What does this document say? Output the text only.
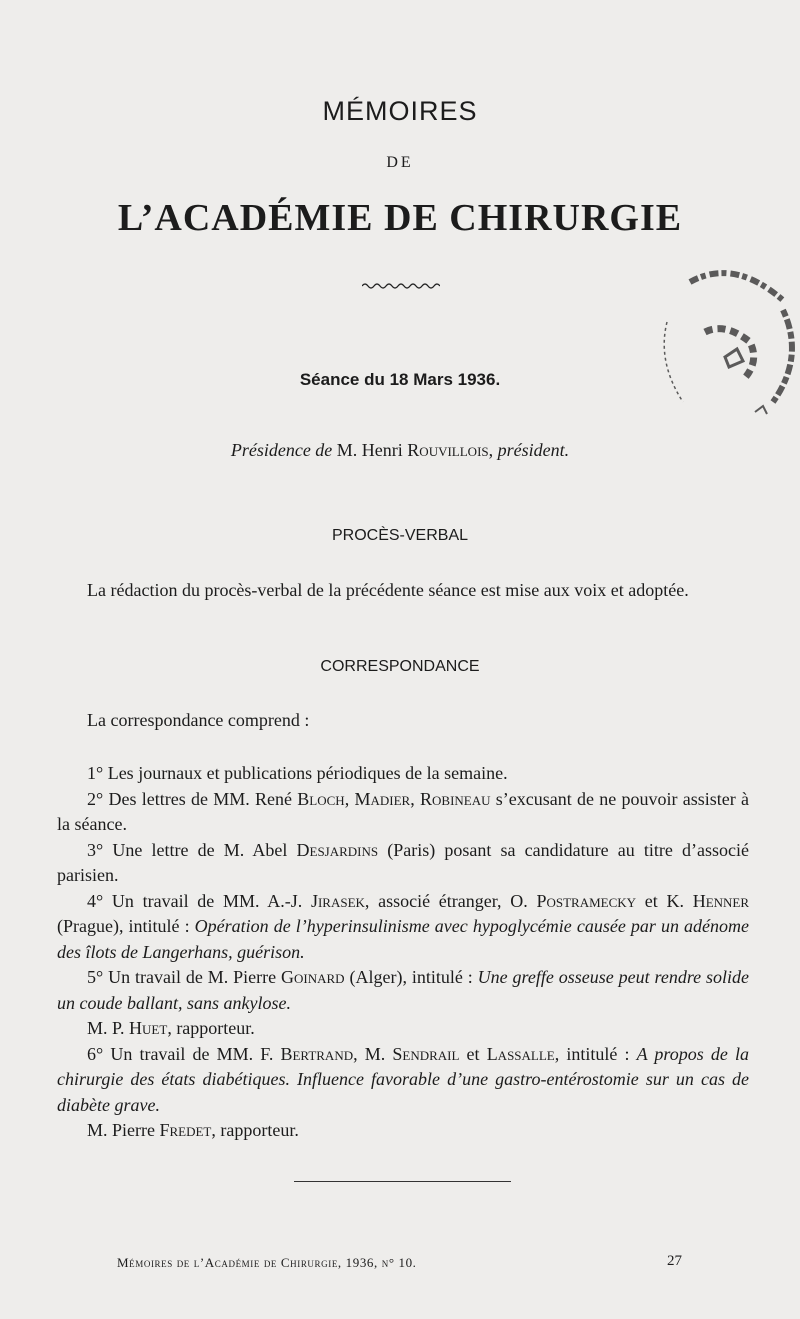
MÉMOIRES
DE
L’ACADÉMIE DE CHIRURGIE
Séance du 18 Mars 1936.
Présidence de M. Henri Rouvillois, président.
PROCÈS-VERBAL

La rédaction du procès-verbal de la précédente séance est mise aux voix et adoptée.

CORRESPONDANCE

La correspondance comprend :

1° Les journaux et publications périodiques de la semaine.

2° Des lettres de MM. René Bloch, Madier, Robineau s’excusant de ne pouvoir assister à la séance.

3° Une lettre de M. Abel Desjardins (Paris) posant sa candidature au titre d’associé parisien.

4° Un travail de MM. A.-J. Jirasek, associé étranger, O. Postramecky et K. Henner (Prague), intitulé : Opération de l’hyperinsulinisme avec hypoglycémie causée par un adénome des îlots de Langerhans, guérison.

5° Un travail de M. Pierre Goinard (Alger), intitulé : Une greffe osseuse peut rendre solide un coude ballant, sans ankylose.

M. P. Huet, rapporteur.

6° Un travail de MM. F. Bertrand, M. Sendrail et Lassalle, intitulé : A propos de la chirurgie des états diabétiques. Influence favorable d’une gastro-entérostomie sur un cas de diabète grave.

M. Pierre Fredet, rapporteur.

Mémoires de l’Académie de Chirurgie, 1936, n° 10.	27
